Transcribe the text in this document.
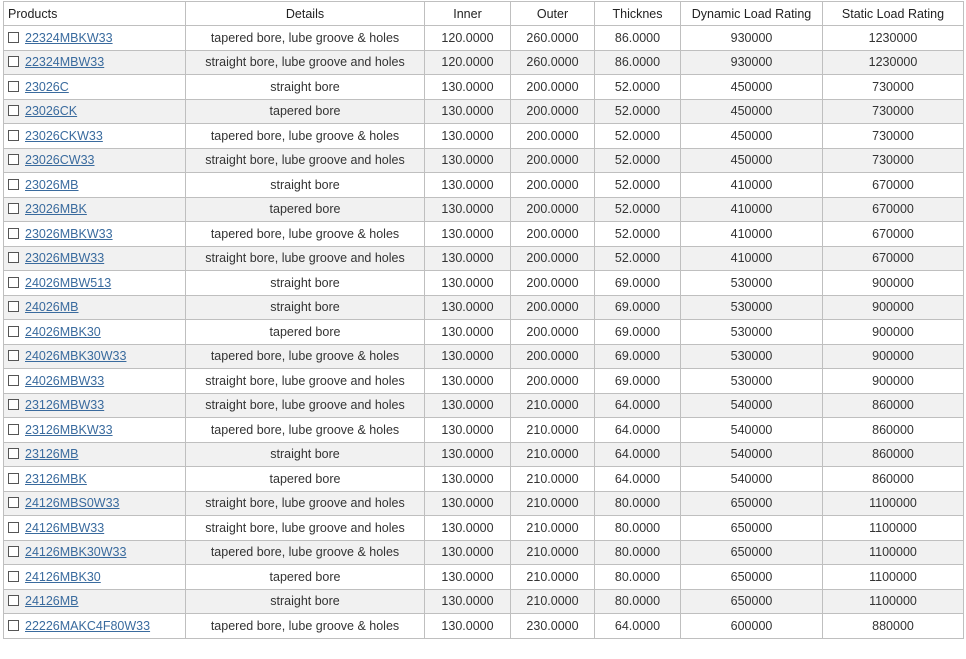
Products	Details	Inner	Outer	Thicknes	Dynamic Load Rating	Static Load Rating
22324MBKW33	tapered bore, lube groove & holes	120.0000	260.0000	86.0000	930000	1230000
22324MBW33	straight bore, lube groove and holes	120.0000	260.0000	86.0000	930000	1230000
23026C	straight bore	130.0000	200.0000	52.0000	450000	730000
23026CK	tapered bore	130.0000	200.0000	52.0000	450000	730000
23026CKW33	tapered bore, lube groove & holes	130.0000	200.0000	52.0000	450000	730000
23026CW33	straight bore, lube groove and holes	130.0000	200.0000	52.0000	450000	730000
23026MB	straight bore	130.0000	200.0000	52.0000	410000	670000
23026MBK	tapered bore	130.0000	200.0000	52.0000	410000	670000
23026MBKW33	tapered bore, lube groove & holes	130.0000	200.0000	52.0000	410000	670000
23026MBW33	straight bore, lube groove and holes	130.0000	200.0000	52.0000	410000	670000
24026MBW513	straight bore	130.0000	200.0000	69.0000	530000	900000
24026MB	straight bore	130.0000	200.0000	69.0000	530000	900000
24026MBK30	tapered bore	130.0000	200.0000	69.0000	530000	900000
24026MBK30W33	tapered bore, lube groove & holes	130.0000	200.0000	69.0000	530000	900000
24026MBW33	straight bore, lube groove and holes	130.0000	200.0000	69.0000	530000	900000
23126MBW33	straight bore, lube groove and holes	130.0000	210.0000	64.0000	540000	860000
23126MBKW33	tapered bore, lube groove & holes	130.0000	210.0000	64.0000	540000	860000
23126MB	straight bore	130.0000	210.0000	64.0000	540000	860000
23126MBK	tapered bore	130.0000	210.0000	64.0000	540000	860000
24126MBS0W33	straight bore, lube groove and holes	130.0000	210.0000	80.0000	650000	1100000
24126MBW33	straight bore, lube groove and holes	130.0000	210.0000	80.0000	650000	1100000
24126MBK30W33	tapered bore, lube groove & holes	130.0000	210.0000	80.0000	650000	1100000
24126MBK30	tapered bore	130.0000	210.0000	80.0000	650000	1100000
24126MB	straight bore	130.0000	210.0000	80.0000	650000	1100000
22226MAKC4F80W33	tapered bore, lube groove & holes	130.0000	230.0000	64.0000	600000	880000
